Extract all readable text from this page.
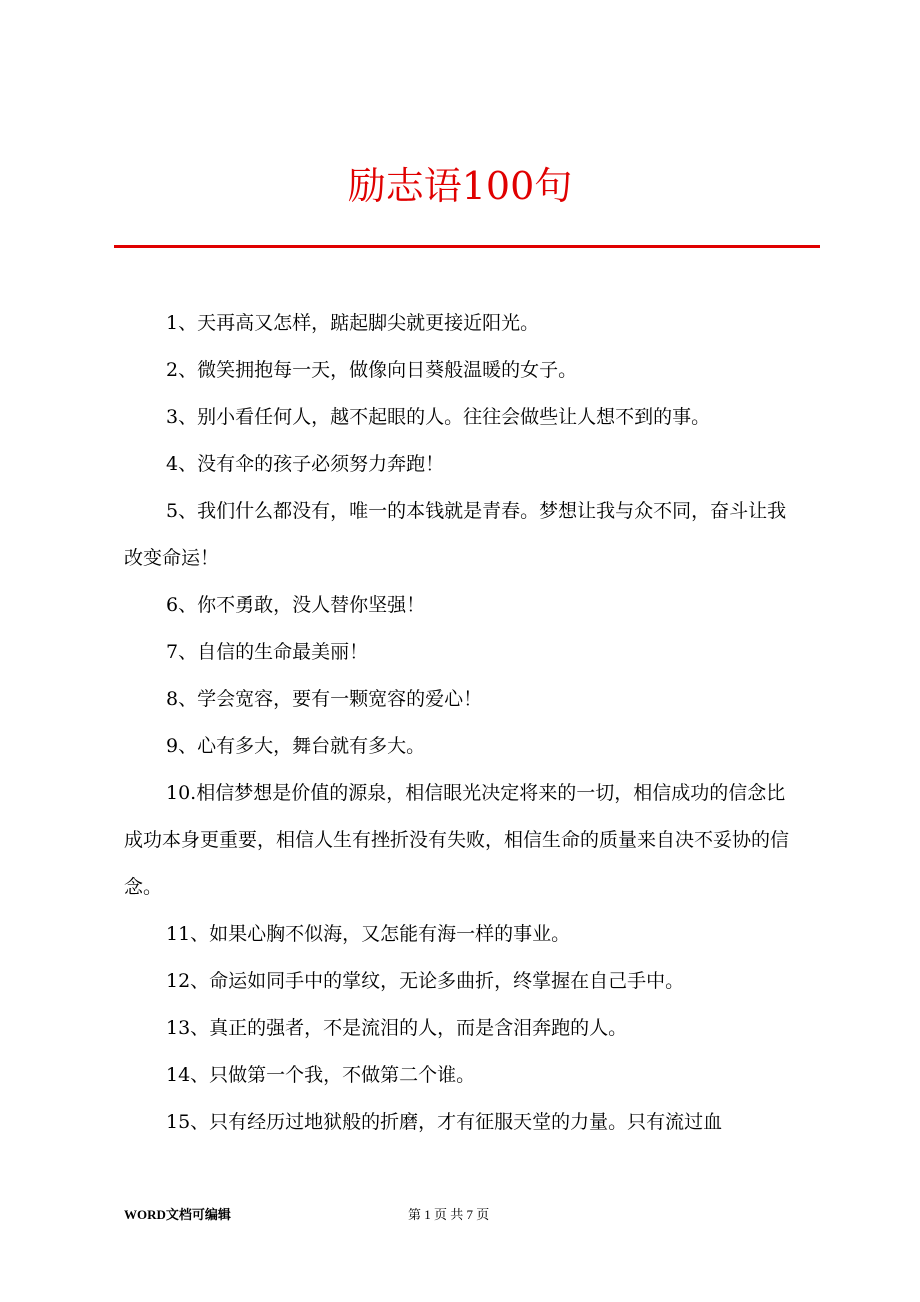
励志语100句

1、天再高又怎样，踮起脚尖就更接近阳光。

2、微笑拥抱每一天，做像向日葵般温暖的女子。

3、别小看任何人，越不起眼的人。往往会做些让人想不到的事。

4、没有伞的孩子必须努力奔跑！

5、我们什么都没有，唯一的本钱就是青春。梦想让我与众不同，奋斗让我改变命运！

6、你不勇敢，没人替你坚强！

7、自信的生命最美丽！

8、学会宽容，要有一颗宽容的爱心！

9、心有多大，舞台就有多大。

10.相信梦想是价值的源泉，相信眼光决定将来的一切，相信成功的信念比成功本身更重要，相信人生有挫折没有失败，相信生命的质量来自决不妥协的信念。

11、如果心胸不似海，又怎能有海一样的事业。

12、命运如同手中的掌纹，无论多曲折，终掌握在自己手中。

13、真正的强者，不是流泪的人，而是含泪奔跑的人。

14、只做第一个我，不做第二个谁。

15、只有经历过地狱般的折磨，才有征服天堂的力量。只有流过血

WORD文档可编辑	第 1 页 共 7 页
